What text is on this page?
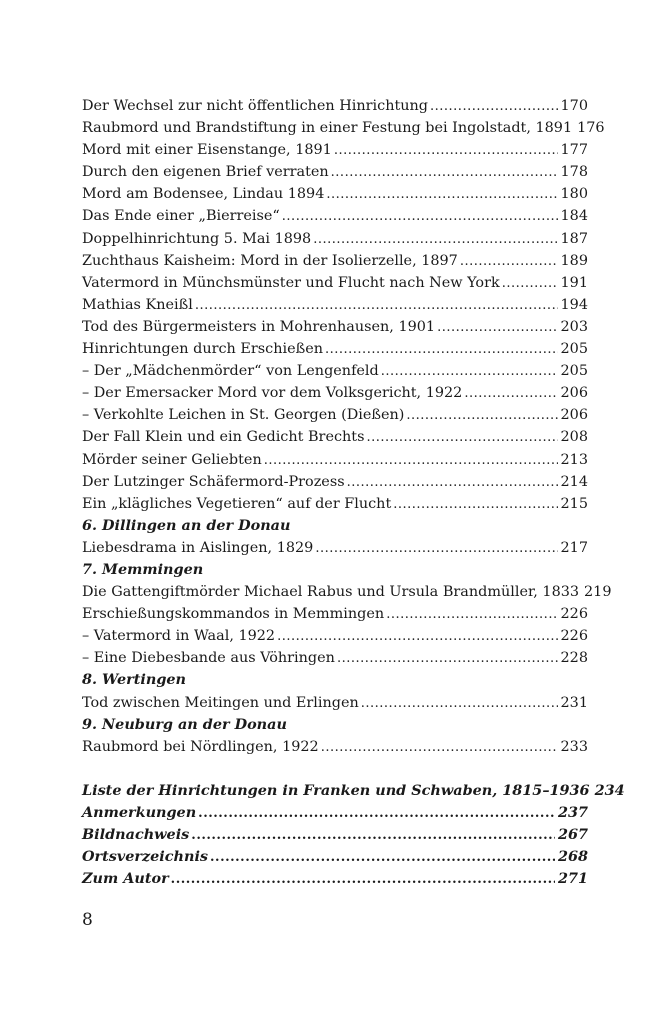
Der Wechsel zur nicht öffentlichen Hinrichtung .....	170
Raubmord und Brandstiftung in einer Festung bei Ingolstadt, 1891 176
Mord mit einer Eisenstange, 1891 .....	177
Durch den eigenen Brief verraten .....	178
Mord am Bodensee, Lindau 1894 .....	180
Das Ende einer „Bierreise“ .....	184
Doppelhinrichtung 5. Mai 1898 .....	187
Zuchthaus Kaisheim: Mord in der Isolierzelle, 1897 .....	189
Vatermord in Münchsmünster und Flucht nach New York .....	191
Mathias Kneißl .....	194
Tod des Bürgermeisters in Mohrenhausen, 1901 .....	203
Hinrichtungen durch Erschießen .....	205
– Der „Mädchenmörder“ von Lengenfeld .....	205
– Der Emersacker Mord vor dem Volksgericht, 1922 .....	206
– Verkohlte Leichen in St. Georgen (Dießen) .....	206
Der Fall Klein und ein Gedicht Brechts .....	208
Mörder seiner Geliebten .....	213
Der Lutzinger Schäfermord-Prozess .....	214
Ein „klägliches Vegetieren“ auf der Flucht .....	215
6. Dillingen an der Donau
Liebesdrama in Aislingen, 1829 .....	217
7. Memmingen
Die Gattengiftmörder Michael Rabus und Ursula Brandmüller, 1833 219
Erschießungskommandos in Memmingen .....	226
– Vatermord in Waal, 1922 .....	226
– Eine Diebesbande aus Vöhringen .....	228
8. Wertingen
Tod zwischen Meitingen und Erlingen .....	231
9. Neuburg an der Donau
Raubmord bei Nördlingen, 1922 .....	233
Liste der Hinrichtungen in Franken und Schwaben, 1815–1936 234
Anmerkungen .....	237
Bildnachweis .....	267
Ortsverzeichnis .....	268
Zum Autor .....	271
8
